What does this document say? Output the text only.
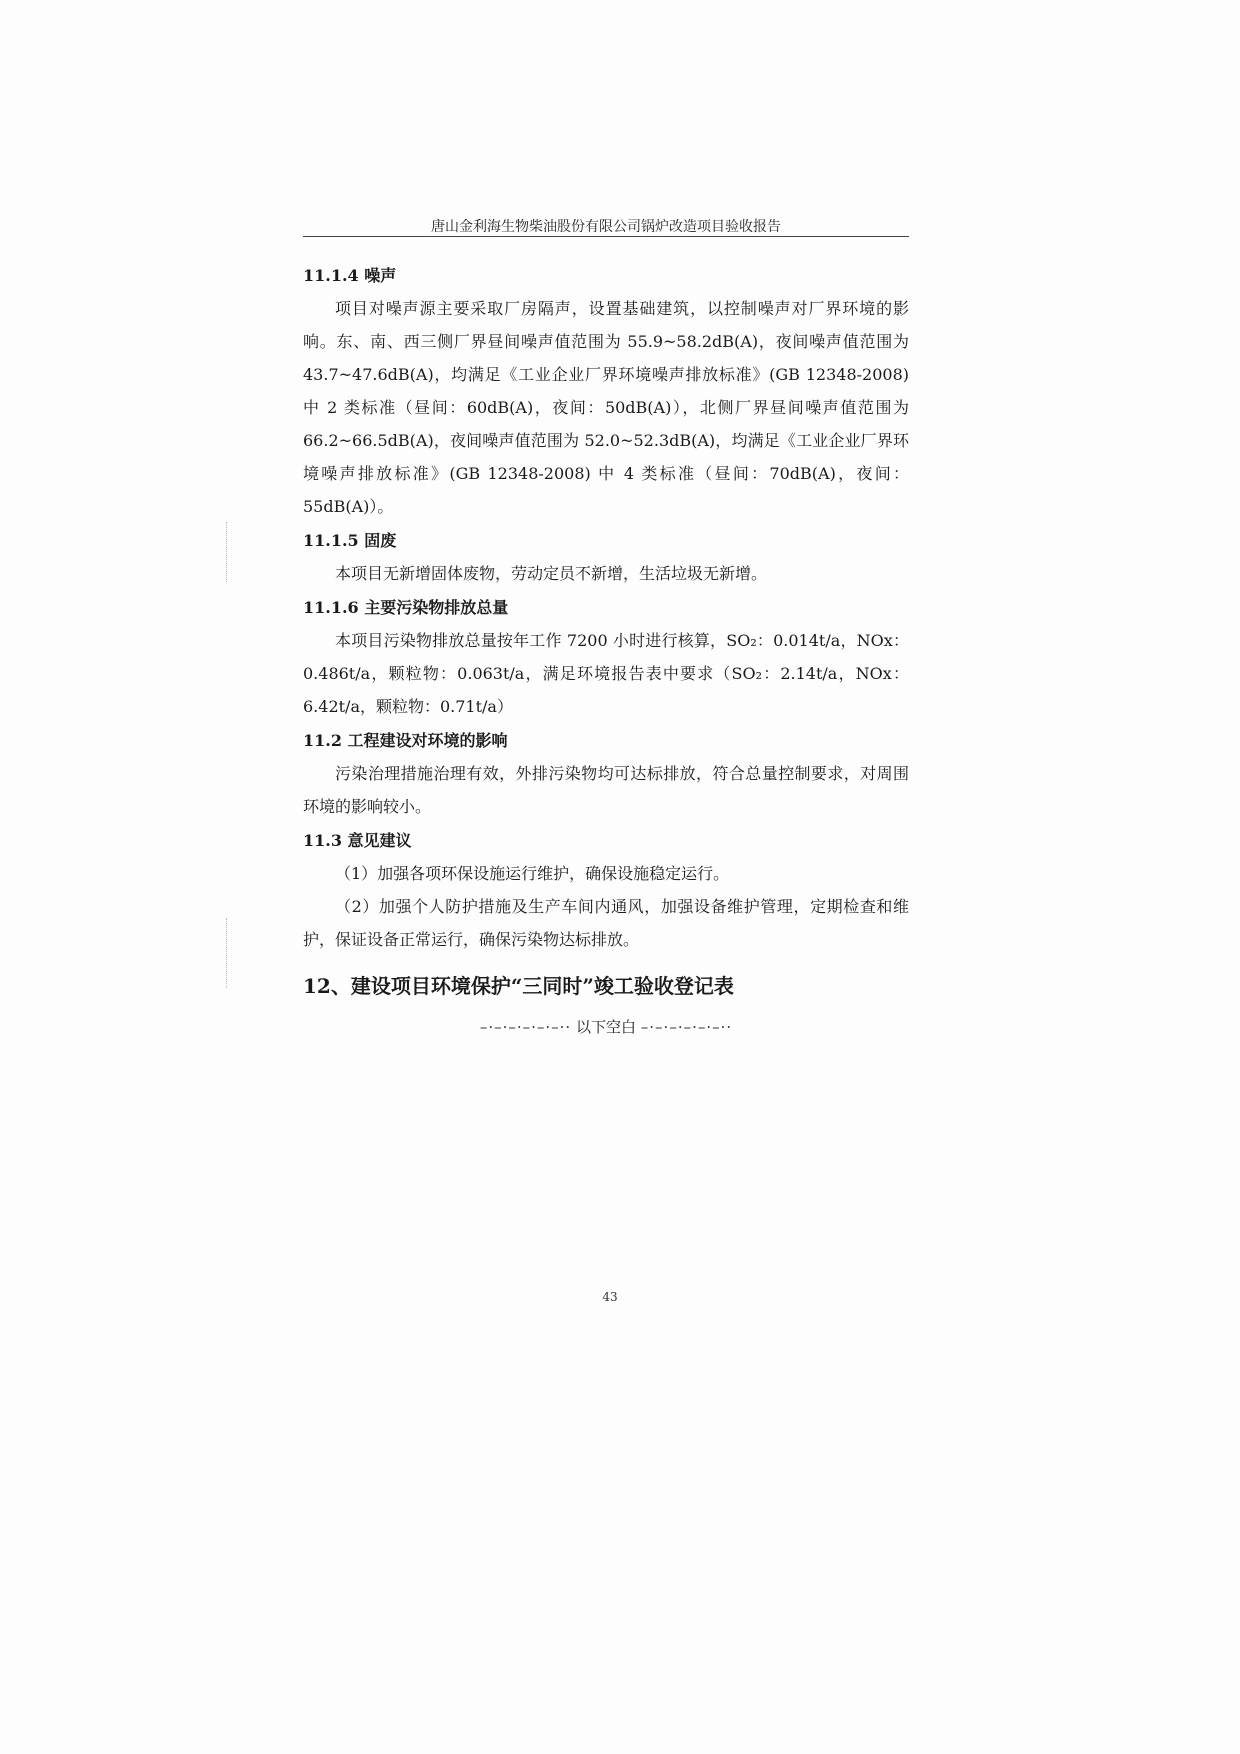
唐山金利海生物柴油股份有限公司锅炉改造项目验收报告
11.1.4 噪声

项目对噪声源主要采取厂房隔声，设置基础建筑，以控制噪声对厂界环境的影响。东、南、西三侧厂界昼间噪声值范围为 55.9~58.2dB(A)，夜间噪声值范围为 43.7~47.6dB(A)，均满足《工业企业厂界环境噪声排放标准》(GB 12348-2008) 中 2 类标准（昼间：60dB(A)，夜间：50dB(A)），北侧厂界昼间噪声值范围为 66.2~66.5dB(A)，夜间噪声值范围为 52.0~52.3dB(A)，均满足《工业企业厂界环境噪声排放标准》(GB 12348-2008) 中 4 类标准（昼间：70dB(A)，夜间：55dB(A)）。

11.1.5 固废

本项目无新增固体废物，劳动定员不新增，生活垃圾无新增。

11.1.6 主要污染物排放总量

本项目污染物排放总量按年工作 7200 小时进行核算，SO₂：0.014t/a，NOx：0.486t/a，颗粒物：0.063t/a，满足环境报告表中要求（SO₂：2.14t/a，NOx：6.42t/a，颗粒物：0.71t/a）

11.2 工程建设对环境的影响

污染治理措施治理有效，外排污染物均可达标排放，符合总量控制要求，对周围环境的影响较小。

11.3 意见建议

（1）加强各项环保设施运行维护，确保设施稳定运行。

（2）加强个人防护措施及生产车间内通风，加强设备维护管理，定期检查和维护，保证设备正常运行，确保污染物达标排放。

12、建设项目环境保护“三同时”竣工验收登记表
–·–·–·–·–·–·· 以下空白 –·–·–·–·–·–··
43
